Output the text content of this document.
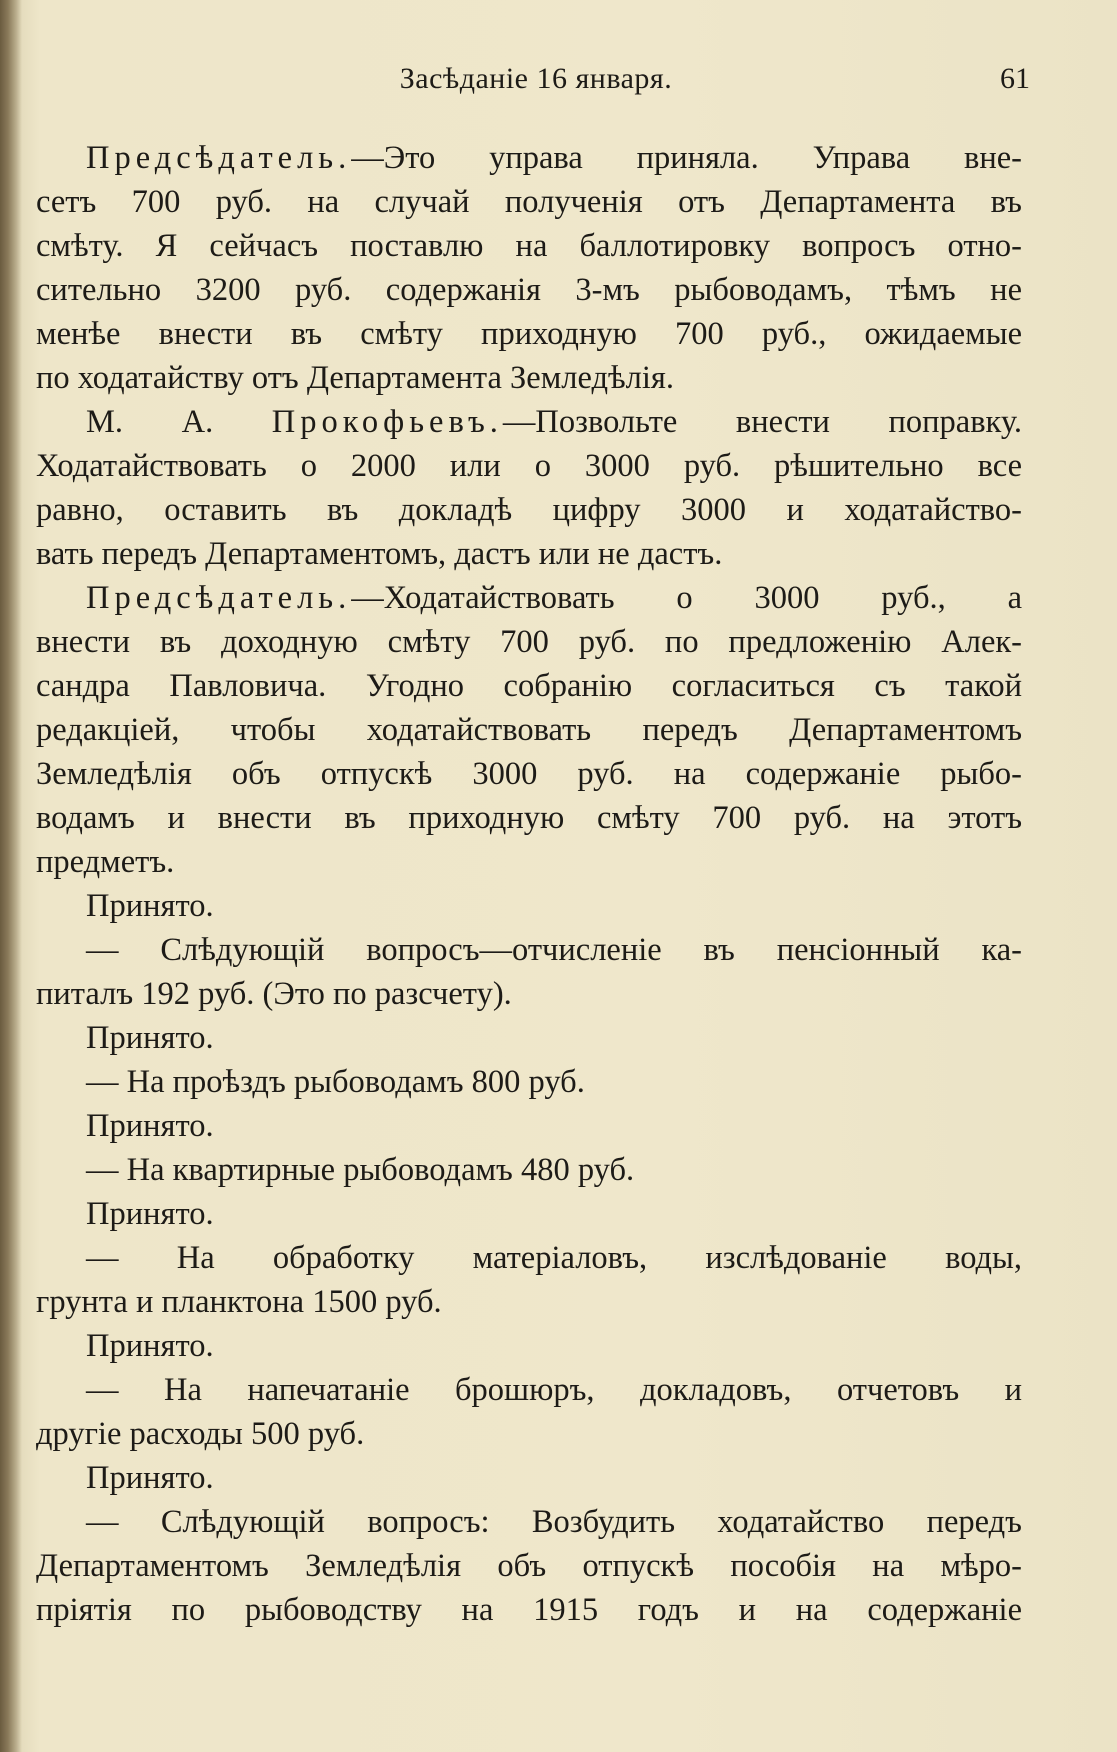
Засѣданіе 16 января.	61
Предсѣдатель.—Это управа приняла. Управа вне-
сетъ 700 руб. на случай полученія отъ Департамента въ
смѣту. Я сейчасъ поставлю на баллотировку вопросъ отно-
сительно 3200 руб. содержанія 3-мъ рыбоводамъ, тѣмъ не
менѣе внести въ смѣту приходную 700 руб., ожидаемые
по ходатайству отъ Департамента Земледѣлія.
М. А. Прокофьевъ.—Позвольте внести поправку.
Ходатайствовать о 2000 или о 3000 руб. рѣшительно все
равно, оставить въ докладѣ цифру 3000 и ходатайство-
вать передъ Департаментомъ, дастъ или не дастъ.
Предсѣдатель.—Ходатайствовать о 3000 руб., а
внести въ доходную смѣту 700 руб. по предложенію Алек-
сандра Павловича. Угодно собранію согласиться съ такой
редакціей, чтобы ходатайствовать передъ Департаментомъ
Земледѣлія объ отпускѣ 3000 руб. на содержаніе рыбо-
водамъ и внести въ приходную смѣту 700 руб. на этотъ
предметъ.
Принято.
— Слѣдующій вопросъ—отчисленіе въ пенсіонный ка-
питалъ 192 руб. (Это по разсчету).
Принято.
— На проѣздъ рыбоводамъ 800 руб.
Принято.
— На квартирные рыбоводамъ 480 руб.
Принято.
— На обработку матеріаловъ, изслѣдованіе воды,
грунта и планктона 1500 руб.
Принято.
— На напечатаніе брошюръ, докладовъ, отчетовъ и
другіе расходы 500 руб.
Принято.
— Слѣдующій вопросъ: Возбудить ходатайство передъ
Департаментомъ Земледѣлія объ отпускѣ пособія на мѣро-
пріятія по рыбоводству на 1915 годъ и на содержаніе
